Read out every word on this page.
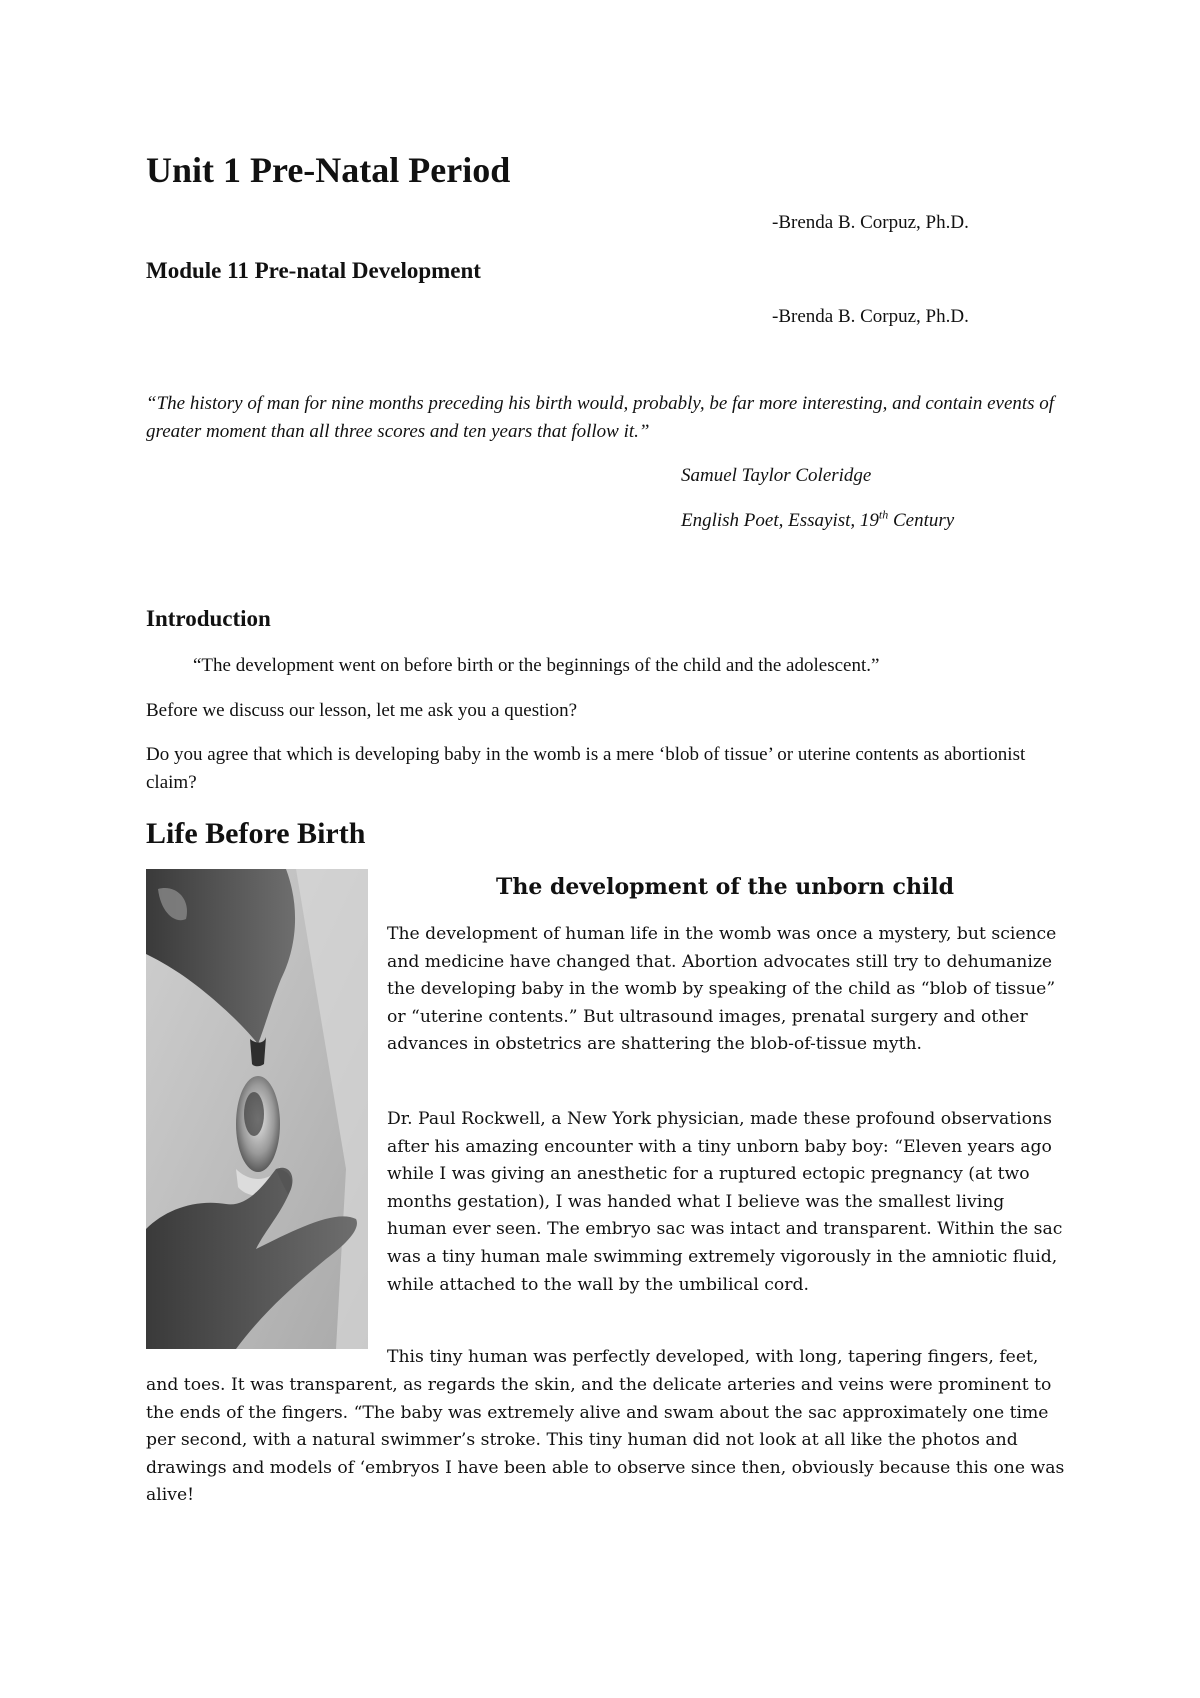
Unit 1 Pre-Natal Period

-Brenda B. Corpuz, Ph.D.

Module 11 Pre-natal Development

-Brenda B. Corpuz, Ph.D.

“The history of man for nine months preceding his birth would, probably, be far more interesting, and contain events of greater moment than all three scores and ten years that follow it.”

Samuel Taylor Coleridge

English Poet, Essayist, 19th Century

Introduction

“The development went on before birth or the beginnings of the child and the adolescent.”

Before we discuss our lesson, let me ask you a question?

Do you agree that which is developing baby in the womb is a mere ‘blob of tissue’ or uterine contents as abortionist claim?

Life Before Birth
The development of the unborn child

The development of human life in the womb was once a mystery, but science and medicine have changed that. Abortion advocates still try to dehumanize the developing baby in the womb by speaking of the child as “blob of tissue” or “uterine contents.” But ultrasound images, prenatal surgery and other advances in obstetrics are shattering the blob-of-tissue myth.

Dr. Paul Rockwell, a New York physician, made these profound observations after his amazing encounter with a tiny unborn baby boy: “Eleven years ago while I was giving an anesthetic for a ruptured ectopic pregnancy (at two months gestation), I was handed what I believe was the smallest living human ever seen. The embryo sac was intact and transparent. Within the sac was a tiny human male swimming extremely vigorously in the amniotic fluid, while attached to the wall by the umbilical cord.

This tiny human was perfectly developed, with long, tapering fingers, feet,

and toes. It was transparent, as regards the skin, and the delicate arteries and veins were prominent to the ends of the fingers. “The baby was extremely alive and swam about the sac approximately one time per second, with a natural swimmer’s stroke. This tiny human did not look at all like the photos and drawings and models of ‘embryos I have been able to observe since then, obviously because this one was alive!
